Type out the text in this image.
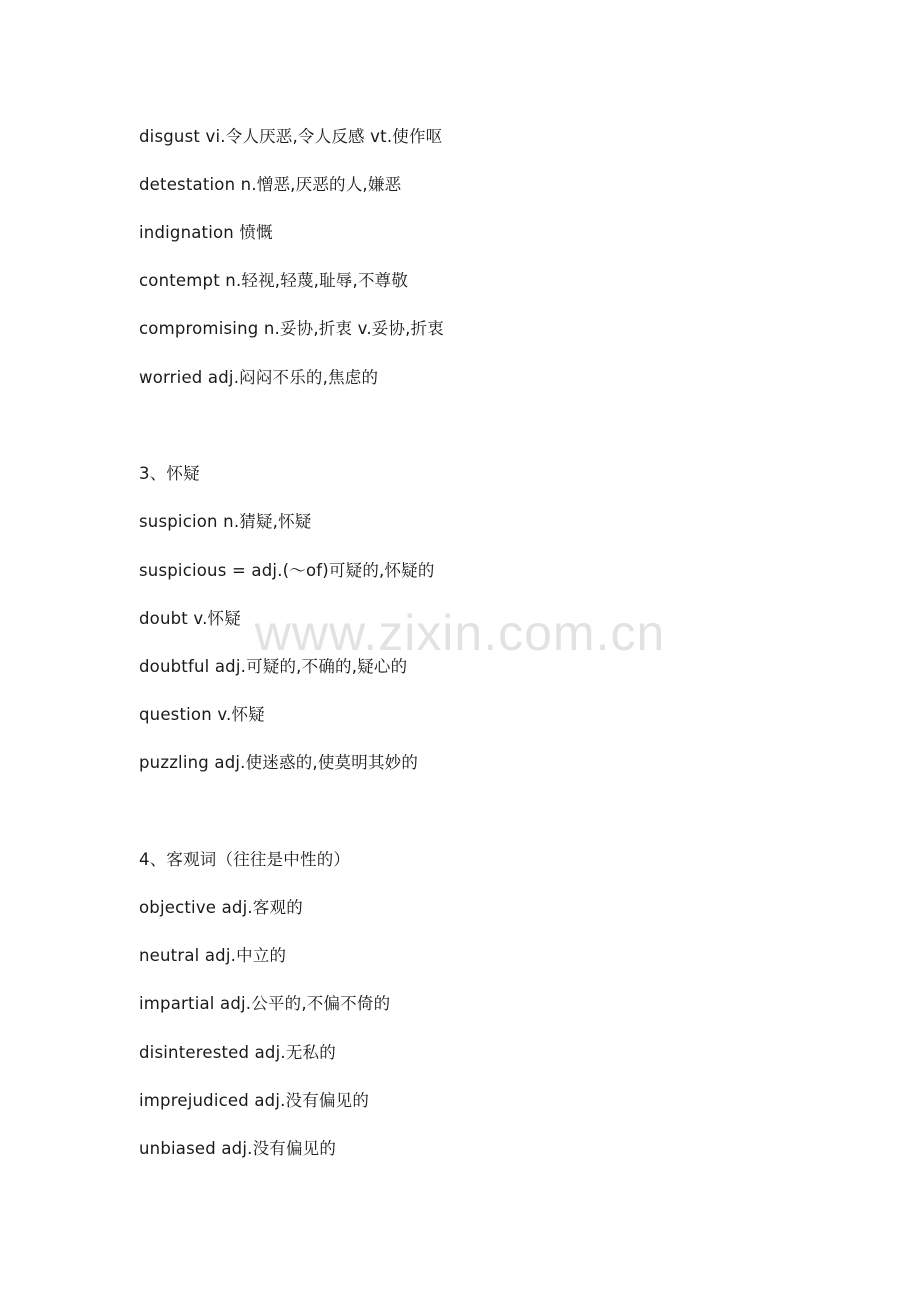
disgust vi.令人厌恶,令人反感 vt.使作呕
detestation n.憎恶,厌恶的人,嫌恶
indignation 愤慨
contempt n.轻视,轻蔑,耻辱,不尊敬
compromising n.妥协,折衷 v.妥协,折衷
worried adj.闷闷不乐的,焦虑的
3、怀疑
suspicion n.猜疑,怀疑
suspicious = adj.(～of)可疑的,怀疑的
doubt v.怀疑
doubtful adj.可疑的,不确的,疑心的
question v.怀疑
puzzling adj.使迷惑的,使莫明其妙的
4、客观词（往往是中性的）
objective adj.客观的
neutral adj.中立的
impartial adj.公平的,不偏不倚的
disinterested adj.无私的
imprejudiced adj.没有偏见的
unbiased adj.没有偏见的
www.zixin.com.cn
